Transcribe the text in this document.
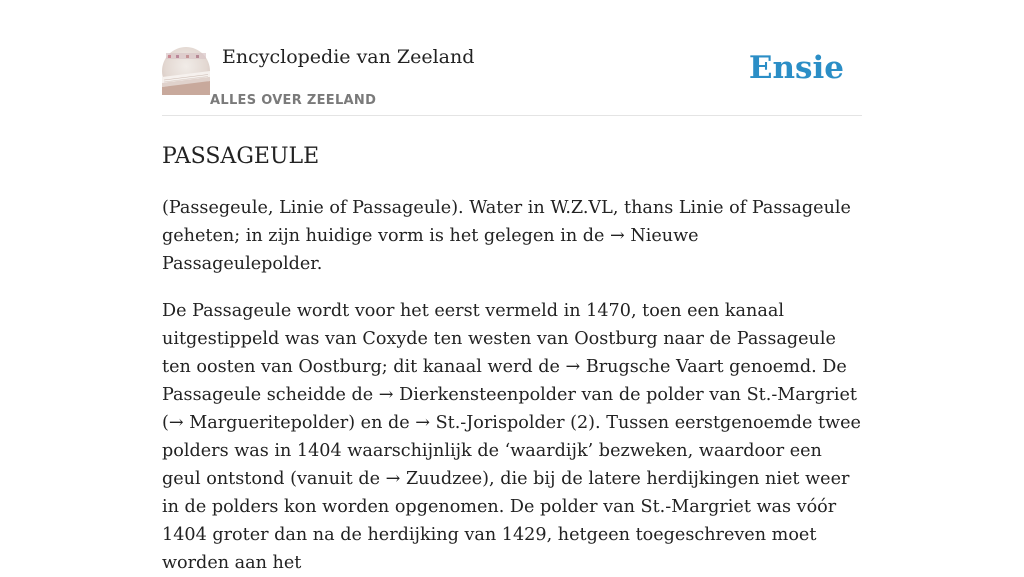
Encyclopedie van Zeeland
ALLES OVER ZEELAND
Ensie
PASSAGEULE

(Passegeule, Linie of Passageule). Water in W.Z.VL, thans Linie of Passageule geheten; in zijn huidige vorm is het gelegen in de → Nieuwe Passageulepolder.

De Passageule wordt voor het eerst vermeld in 1470, toen een kanaal uitgestippeld was van Coxyde ten westen van Oostburg naar de Passageule ten oosten van Oostburg; dit kanaal werd de → Brugsche Vaart genoemd. De Passageule scheidde de → Dierkensteenpolder van de polder van St.-Margriet (→ Margueritepolder) en de → St.-Jorispolder (2). Tussen eerstgenoemde twee polders was in 1404 waarschijnlijk de ‘waardijk’ bezweken, waardoor een geul ontstond (vanuit de → Zuudzee), die bij de latere herdijkingen niet weer in de polders kon worden opgenomen. De polder van St.-Margriet was vóór 1404 groter dan na de herdijking van 1429, hetgeen toegeschreven moet worden aan het
